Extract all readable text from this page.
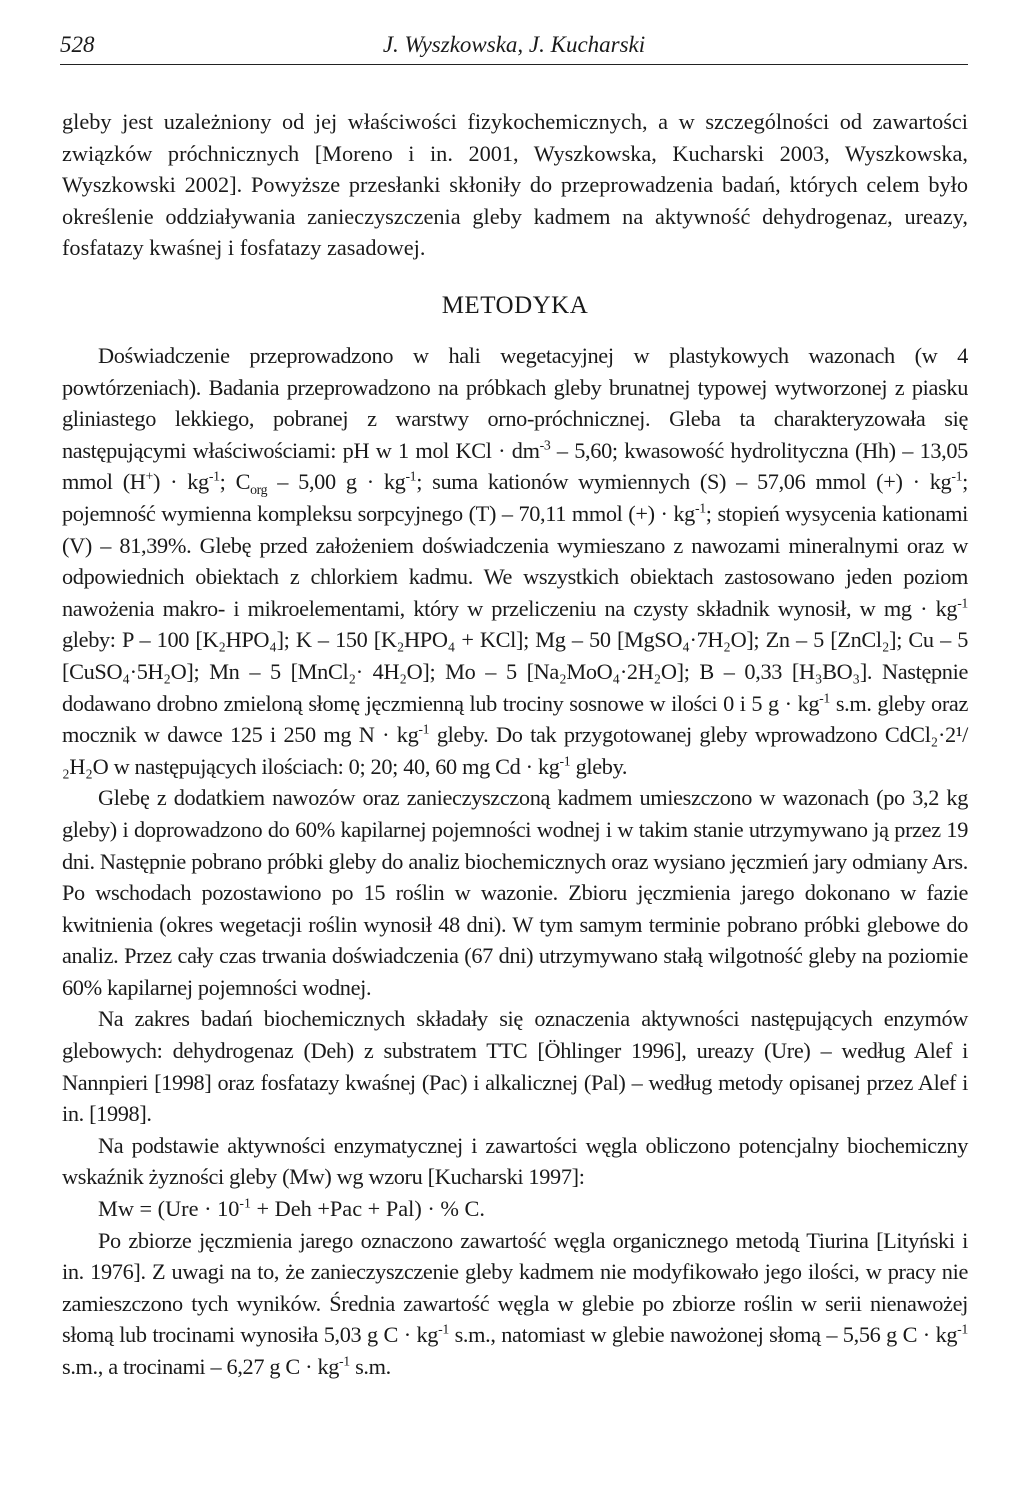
528	J. Wyszkowska, J. Kucharski

gleby jest uzależniony od jej właściwości fizykochemicznych, a w szczególności od zawartości związków próchnicznych [Moreno i in. 2001, Wyszkowska, Kucharski 2003, Wyszkowska, Wyszkowski 2002]. Powyższe przesłanki skłoniły do przeprowadzenia badań, których celem było określenie oddziaływania zanieczyszczenia gleby kadmem na aktywność dehydrogenaz, ureazy, fosfatazy kwaśnej i fosfatazy zasadowej.

METODYKA

Doświadczenie przeprowadzono w hali wegetacyjnej w plastykowych wazonach (w 4 powtórzeniach). Badania przeprowadzono na próbkach gleby brunatnej typowej wytworzonej z piasku gliniastego lekkiego, pobranej z warstwy orno-próchnicznej. Gleba ta charakteryzowała się następującymi właściwościami: pH w 1 mol KCl · $dm^{-3} - 5,60$; kwasowość hydrolityczna (Hh) – 13,05 mmol $(H^+) \cdot kg^{-1}$; $C_{org} - 5,00$ $g \cdot kg^{-1}$; suma kationów wymiennych (S) – 57,06 mmol (+) · $kg^{-1}$; pojemność wymienna kompleksu sorpcyjnego (T) – 70,11 mmol (+) · $kg^{-1}$; stopień wysycenia kationami (V) – 81,39%. Glebę przed założeniem doświadczenia wymieszano z nawozami mineralnymi oraz w odpowiednich obiektach z chlorkiem kadmu. We wszystkich obiektach zastosowano jeden poziom nawożenia makro- i mikroelementami, który w przeliczeniu na czysty składnik wynosił, w mg · $kg^{-1}$ gleby: P – 100 [K₂HPO₄]; K – 150 [K₂HPO₄ + KCl]; Mg – 50 [MgSO₄·7H₂O]; Zn – 5 [ZnCl₂]; Cu – 5 [CuSO₄·5H₂O]; Mn – 5 [MnCl₂· 4H₂O]; Mo – 5 [Na₂MoO₄·2H₂O]; B – 0,33 [H₃BO₃]. Następnie dodawano drobno zmieloną słomę jęczmienną lub trociny sosnowe w ilości 0 i 5 $g \cdot kg^{-1}$ s.m. gleby oraz mocznik w dawce 125 i 250 mg $N \cdot kg^{-1}$ gleby. Do tak przygotowanej gleby wprowadzono CdCl₂·2¹/₂H₂O w następujących ilościach: 0; 20; 40, 60 mg $Cd \cdot kg^{-1}$ gleby.

Glebę z dodatkiem nawozów oraz zanieczyszczoną kadmem umieszczono w wazonach (po 3,2 kg gleby) i doprowadzono do 60% kapilarnej pojemności wodnej i w takim stanie utrzymywano ją przez 19 dni. Następnie pobrano próbki gleby do analiz biochemicznych oraz wysiano jęczmień jary odmiany Ars. Po wschodach pozostawiono po 15 roślin w wazonie. Zbioru jęczmienia jarego dokonano w fazie kwitnienia (okres wegetacji roślin wynosił 48 dni). W tym samym terminie pobrano próbki glebowe do analiz. Przez cały czas trwania doświadczenia (67 dni) utrzymywano stałą wilgotność gleby na poziomie 60% kapilarnej pojemności wodnej.

Na zakres badań biochemicznych składały się oznaczenia aktywności następujących enzymów glebowych: dehydrogenaz (Deh) z substratem TTC [Öhlinger 1996], ureazy (Ure) – według Alef i Nannpieri [1998] oraz fosfatazy kwaśnej (Pac) i alkalicznej (Pal) – według metody opisanej przez Alef i in. [1998].

Na podstawie aktywności enzymatycznej i zawartości węgla obliczono potencjalny biochemiczny wskaźnik żyzności gleby (Mw) wg wzoru [Kucharski 1997]:

$Mw = (Ure \cdot 10^{-1}$ + Deh +Pac + Pal) · % C.

Po zbiorze jęczmienia jarego oznaczono zawartość węgla organicznego metodą Tiurina [Lityński i in. 1976]. Z uwagi na to, że zanieczyszczenie gleby kadmem nie modyfikowało jego ilości, w pracy nie zamieszczono tych wyników. Średnia zawartość węgla w glebie po zbiorze roślin w serii nienawożej słomą lub trocinami wynosiła 5,03 g $C \cdot kg^{-1}$ s.m., natomiast w glebie nawożonej słomą – 5,56 g $C \cdot kg^{-1}$ s.m., a trocinami – 6,27 g $C \cdot kg^{-1}$ s.m.
